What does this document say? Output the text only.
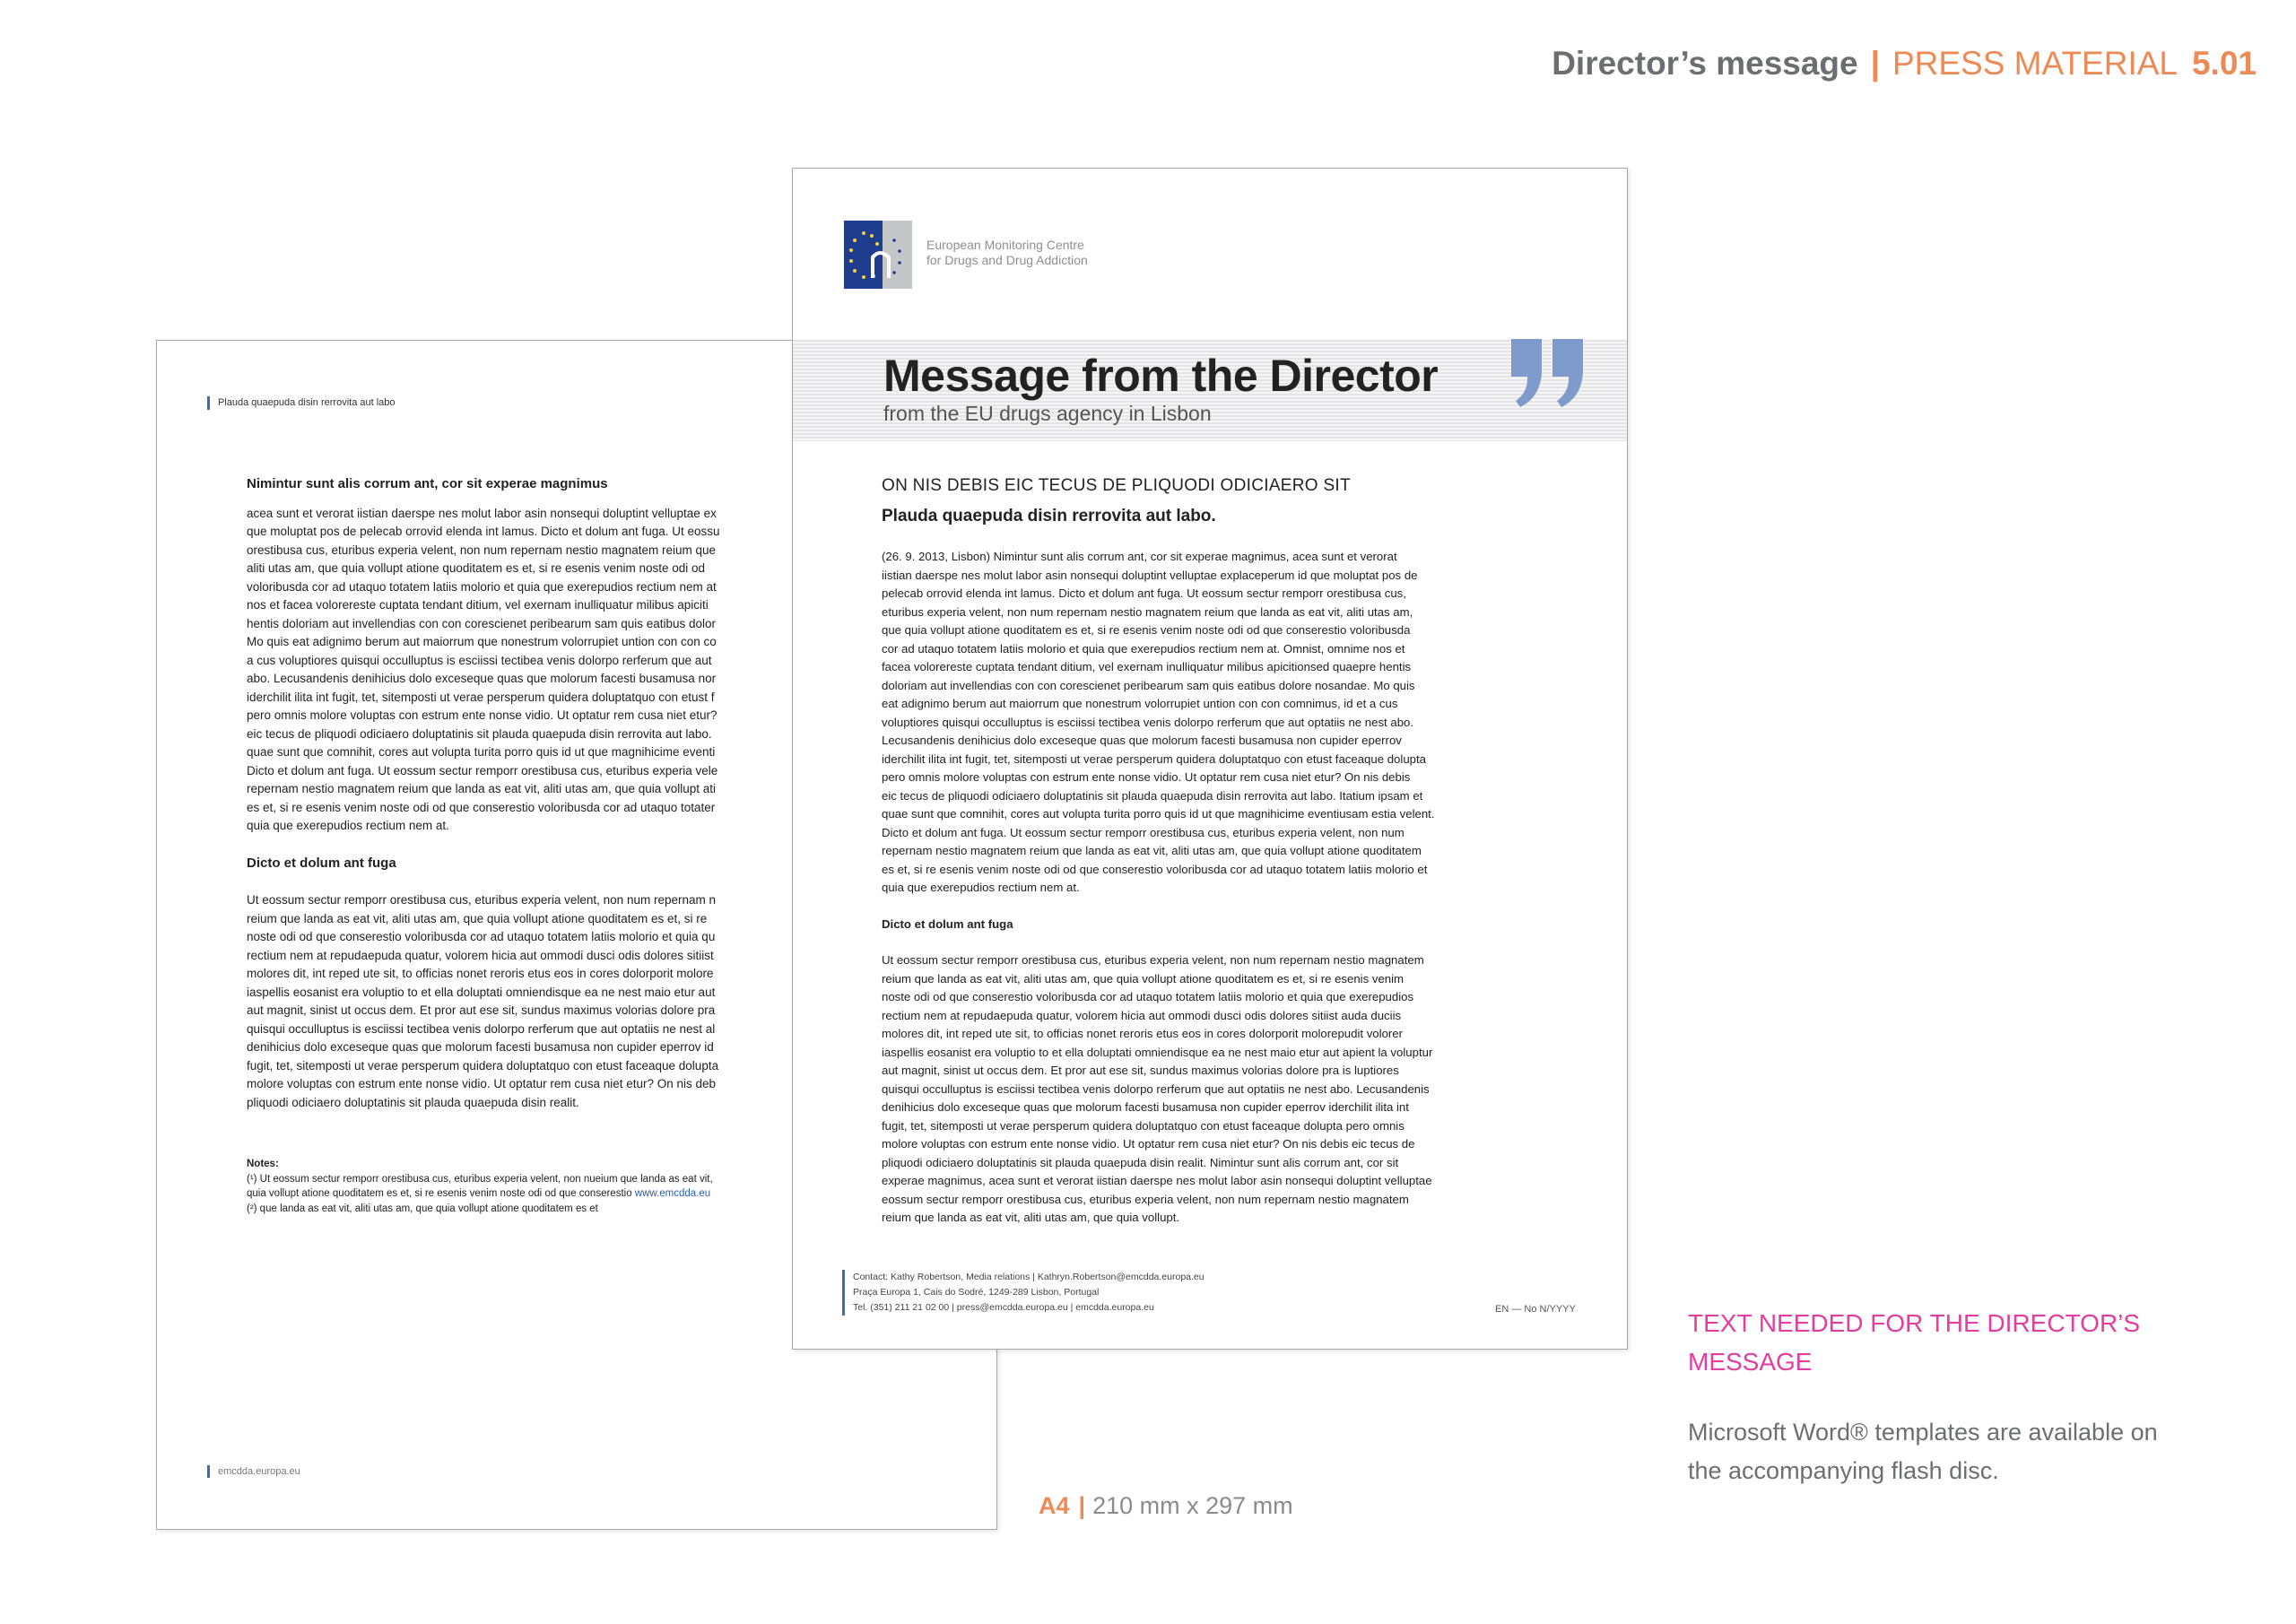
Director’s message | PRESS MATERIAL 5.01
Plauda quaepuda disin rerrovita aut labo
Nimintur sunt alis corrum ant, cor sit experae magnimus
acea sunt et verorat iistian daerspe nes molut labor asin nonsequi doluptint velluptae ex
que moluptat pos de pelecab orrovid elenda int lamus. Dicto et dolum ant fuga. Ut eossu
orestibusa cus, eturibus experia velent, non num repernam nestio magnatem reium que
aliti utas am, que quia vollupt atione quoditatem es et, si re esenis venim noste odi od
voloribusda cor ad utaquo totatem latiis molorio et quia que exerepudios rectium nem at
nos et facea volorereste cuptata tendant ditium, vel exernam inulliquatur milibus apiciti
hentis doloriam aut invellendias con con corescienet peribearum sam quis eatibus dolor
Mo quis eat adignimo berum aut maiorrum que nonestrum volorrupiet untion con con co
a cus voluptiores quisqui occulluptus is esciissi tectibea venis dolorpo rerferum que aut
abo. Lecusandenis denihicius dolo exceseque quas que molorum facesti busamusa nor
iderchilit ilita int fugit, tet, sitemposti ut verae persperum quidera doluptatquo con etust f
pero omnis molore voluptas con estrum ente nonse vidio. Ut optatur rem cusa niet etur?
eic tecus de pliquodi odiciaero doluptatinis sit plauda quaepuda disin rerrovita aut labo.
quae sunt que comnihit, cores aut volupta turita porro quis id ut que magnihicime eventi
Dicto et dolum ant fuga. Ut eossum sectur remporr orestibusa cus, eturibus experia vele
repernam nestio magnatem reium que landa as eat vit, aliti utas am, que quia vollupt ati
es et, si re esenis venim noste odi od que conserestio voloribusda cor ad utaquo totater
quia que exerepudios rectium nem at.
Dicto et dolum ant fuga
Ut eossum sectur remporr orestibusa cus, eturibus experia velent, non num repernam n
reium que landa as eat vit, aliti utas am, que quia vollupt atione quoditatem es et, si re
noste odi od que conserestio voloribusda cor ad utaquo totatem latiis molorio et quia qu
rectium nem at repudaepuda quatur, volorem hicia aut ommodi dusci odis dolores sitiist
molores dit, int reped ute sit, to officias nonet reroris etus eos in cores dolorporit molore
iaspellis eosanist era voluptio to et ella doluptati omniendisque ea ne nest maio etur aut
aut magnit, sinist ut occus dem. Et pror aut ese sit, sundus maximus volorias dolore pra
quisqui occulluptus is esciissi tectibea venis dolorpo rerferum que aut optatiis ne nest al
denihicius dolo exceseque quas que molorum facesti busamusa non cupider eperrov id
fugit, tet, sitemposti ut verae persperum quidera doluptatquo con etust faceaque dolupta
molore voluptas con estrum ente nonse vidio. Ut optatur rem cusa niet etur? On nis deb
pliquodi odiciaero doluptatinis sit plauda quaepuda disin realit.
Notes:
(¹) Ut eossum sectur remporr orestibusa cus, eturibus experia velent, non nueium que landa as eat vit,
quia vollupt atione quoditatem es et, si re esenis venim noste odi od que conserestio www.emcdda.eu
(²) que landa as eat vit, aliti utas am, que quia vollupt atione quoditatem es et
emcdda.europa.eu
European Monitoring Centre
for Drugs and Drug Addiction
Message from the Director
from the EU drugs agency in Lisbon
ON NIS DEBIS EIC TECUS DE PLIQUODI ODICIAERO SIT
Plauda quaepuda disin rerrovita aut labo.
(26. 9. 2013, Lisbon) Nimintur sunt alis corrum ant, cor sit experae magnimus, acea sunt et verorat
iistian daerspe nes molut labor asin nonsequi doluptint velluptae explaceperum id que moluptat pos de
pelecab orrovid elenda int lamus. Dicto et dolum ant fuga. Ut eossum sectur remporr orestibusa cus,
eturibus experia velent, non num repernam nestio magnatem reium que landa as eat vit, aliti utas am,
que quia vollupt atione quoditatem es et, si re esenis venim noste odi od que conserestio voloribusda
cor ad utaquo totatem latiis molorio et quia que exerepudios rectium nem at. Omnist, omnime nos et
facea volorereste cuptata tendant ditium, vel exernam inulliquatur milibus apicitionsed quaepre hentis
doloriam aut invellendias con con corescienet peribearum sam quis eatibus dolore nosandae. Mo quis
eat adignimo berum aut maiorrum que nonestrum volorrupiet untion con con comnimus, id et a cus
voluptiores quisqui occulluptus is esciissi tectibea venis dolorpo rerferum que aut optatiis ne nest abo.
Lecusandenis denihicius dolo exceseque quas que molorum facesti busamusa non cupider eperrov
iderchilit ilita int fugit, tet, sitemposti ut verae persperum quidera doluptatquo con etust faceaque dolupta
pero omnis molore voluptas con estrum ente nonse vidio. Ut optatur rem cusa niet etur? On nis debis
eic tecus de pliquodi odiciaero doluptatinis sit plauda quaepuda disin rerrovita aut labo. Itatium ipsam et
quae sunt que comnihit, cores aut volupta turita porro quis id ut que magnihicime eventiusam estia velent.
Dicto et dolum ant fuga. Ut eossum sectur remporr orestibusa cus, eturibus experia velent, non num
repernam nestio magnatem reium que landa as eat vit, aliti utas am, que quia vollupt atione quoditatem
es et, si re esenis venim noste odi od que conserestio voloribusda cor ad utaquo totatem latiis molorio et
quia que exerepudios rectium nem at.
Dicto et dolum ant fuga
Ut eossum sectur remporr orestibusa cus, eturibus experia velent, non num repernam nestio magnatem
reium que landa as eat vit, aliti utas am, que quia vollupt atione quoditatem es et, si re esenis venim
noste odi od que conserestio voloribusda cor ad utaquo totatem latiis molorio et quia que exerepudios
rectium nem at repudaepuda quatur, volorem hicia aut ommodi dusci odis dolores sitiist auda duciis
molores dit, int reped ute sit, to officias nonet reroris etus eos in cores dolorporit molorepudit volorer
iaspellis eosanist era voluptio to et ella doluptati omniendisque ea ne nest maio etur aut apient la voluptur
aut magnit, sinist ut occus dem. Et pror aut ese sit, sundus maximus volorias dolore pra is luptiores
quisqui occulluptus is esciissi tectibea venis dolorpo rerferum que aut optatiis ne nest abo. Lecusandenis
denihicius dolo exceseque quas que molorum facesti busamusa non cupider eperrov iderchilit ilita int
fugit, tet, sitemposti ut verae persperum quidera doluptatquo con etust faceaque dolupta pero omnis
molore voluptas con estrum ente nonse vidio. Ut optatur rem cusa niet etur? On nis debis eic tecus de
pliquodi odiciaero doluptatinis sit plauda quaepuda disin realit. Nimintur sunt alis corrum ant, cor sit
experae magnimus, acea sunt et verorat iistian daerspe nes molut labor asin nonsequi doluptint velluptae
eossum sectur remporr orestibusa cus, eturibus experia velent, non num repernam nestio magnatem
reium que landa as eat vit, aliti utas am, que quia vollupt.
Contact: Kathy Robertson, Media relations | Kathryn.Robertson@emcdda.europa.eu
Praça Europa 1, Cais do Sodré, 1249-289 Lisbon, Portugal
Tel. (351) 211 21 02 00 | press@emcdda.europa.eu | emcdda.europa.eu	EN — No N/YYYY
A4 | 210 mm x 297 mm
TEXT NEEDED FOR THE DIRECTOR’S MESSAGE
Microsoft Word® templates are available on the accompanying flash disc.
